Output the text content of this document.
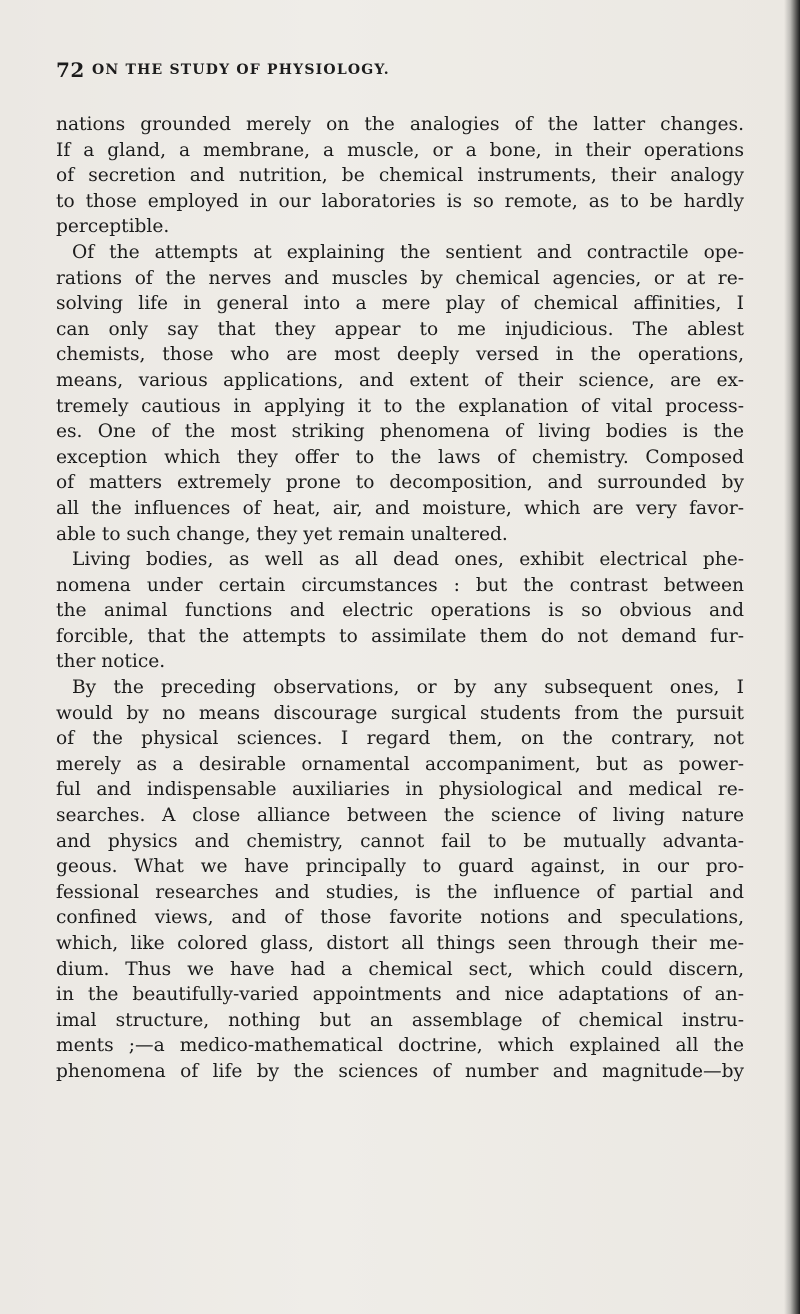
72 ON THE STUDY OF PHYSIOLOGY.
nations grounded merely on the analogies of the latter changes.
If a gland, a membrane, a muscle, or a bone, in their operations
of secretion and nutrition, be chemical instruments, their analogy
to those employed in our laboratories is so remote, as to be hardly
perceptible.
Of the attempts at explaining the sentient and contractile ope-
rations of the nerves and muscles by chemical agencies, or at re-
solving life in general into a mere play of chemical affinities, I
can only say that they appear to me injudicious. The ablest
chemists, those who are most deeply versed in the operations,
means, various applications, and extent of their science, are ex-
tremely cautious in applying it to the explanation of vital process-
es. One of the most striking phenomena of living bodies is the
exception which they offer to the laws of chemistry. Composed
of matters extremely prone to decomposition, and surrounded by
all the influences of heat, air, and moisture, which are very favor-
able to such change, they yet remain unaltered.
Living bodies, as well as all dead ones, exhibit electrical phe-
nomena under certain circumstances : but the contrast between
the animal functions and electric operations is so obvious and
forcible, that the attempts to assimilate them do not demand fur-
ther notice.
By the preceding observations, or by any subsequent ones, I
would by no means discourage surgical students from the pursuit
of the physical sciences. I regard them, on the contrary, not
merely as a desirable ornamental accompaniment, but as power-
ful and indispensable auxiliaries in physiological and medical re-
searches. A close alliance between the science of living nature
and physics and chemistry, cannot fail to be mutually advanta-
geous. What we have principally to guard against, in our pro-
fessional researches and studies, is the influence of partial and
confined views, and of those favorite notions and speculations,
which, like colored glass, distort all things seen through their me-
dium. Thus we have had a chemical sect, which could discern,
in the beautifully-varied appointments and nice adaptations of an-
imal structure, nothing but an assemblage of chemical instru-
ments ;—a medico-mathematical doctrine, which explained all the
phenomena of life by the sciences of number and magnitude—by
